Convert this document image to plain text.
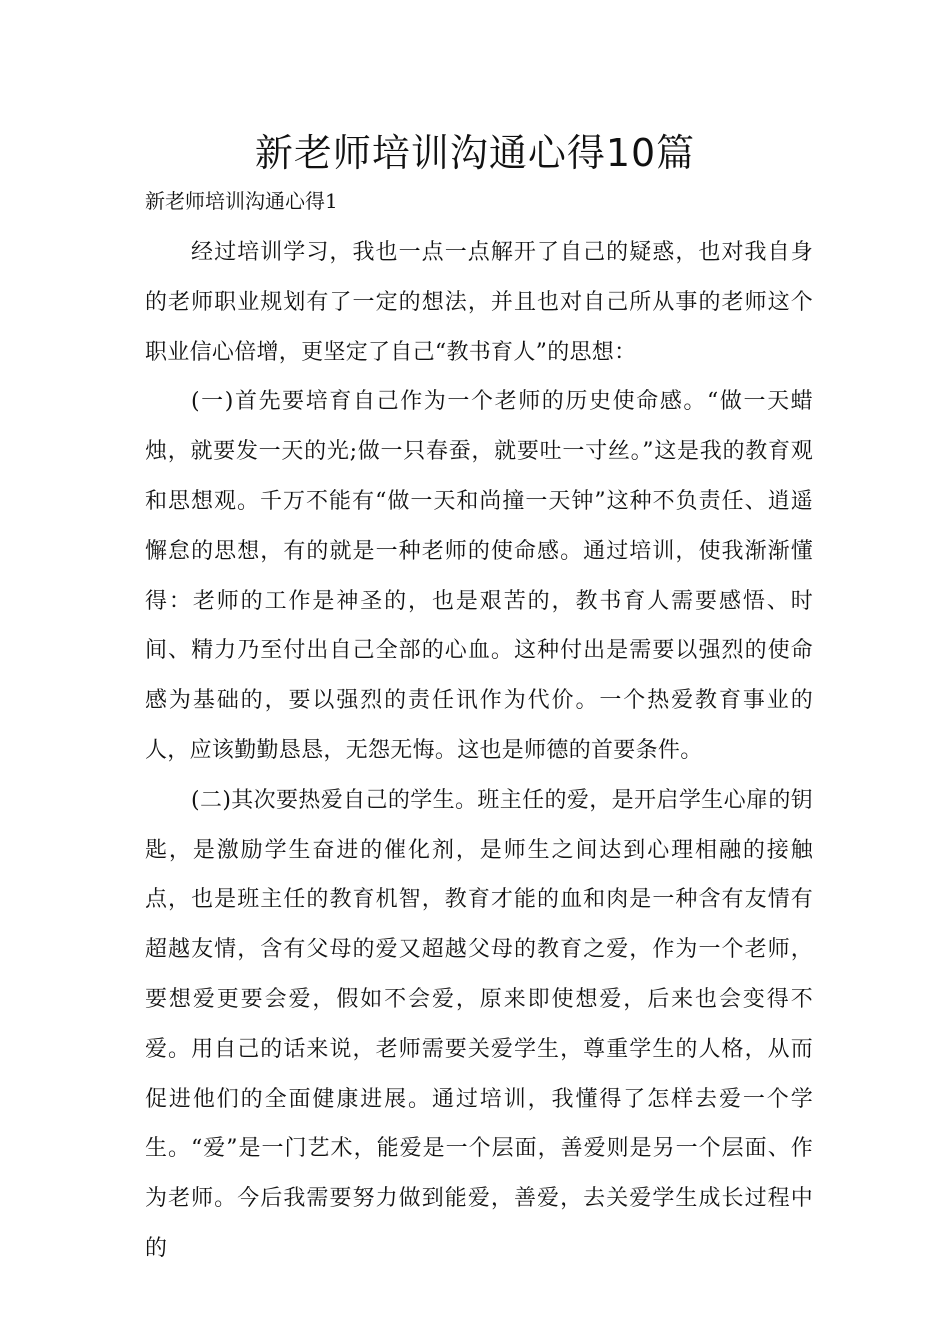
新老师培训沟通心得10篇
新老师培训沟通心得1

经过培训学习，我也一点一点解开了自己的疑惑，也对我自身的老师职业规划有了一定的想法，并且也对自己所从事的老师这个职业信心倍增，更坚定了自己“教书育人”的思想：

(一)首先要培育自己作为一个老师的历史使命感。“做一天蜡烛，就要发一天的光;做一只春蚕，就要吐一寸丝。”这是我的教育观和思想观。千万不能有“做一天和尚撞一天钟”这种不负责任、逍遥懈怠的思想，有的就是一种老师的使命感。通过培训，使我渐渐懂得：老师的工作是神圣的，也是艰苦的，教书育人需要感悟、时间、精力乃至付出自己全部的心血。这种付出是需要以强烈的使命感为基础的，要以强烈的责任讯作为代价。一个热爱教育事业的人，应该勤勤恳恳，无怨无悔。这也是师德的首要条件。

(二)其次要热爱自己的学生。班主任的爱，是开启学生心扉的钥匙，是激励学生奋进的催化剂，是师生之间达到心理相融的接触点，也是班主任的教育机智，教育才能的血和肉是一种含有友情有超越友情，含有父母的爱又超越父母的教育之爱，作为一个老师，要想爱更要会爱，假如不会爱，原来即使想爱，后来也会变得不爱。用自己的话来说，老师需要关爱学生，尊重学生的人格，从而促进他们的全面健康进展。通过培训，我懂得了怎样去爱一个学生。“爱”是一门艺术，能爱是一个层面，善爱则是另一个层面、作为老师。今后我需要努力做到能爱，善爱，去关爱学生成长过程中的
